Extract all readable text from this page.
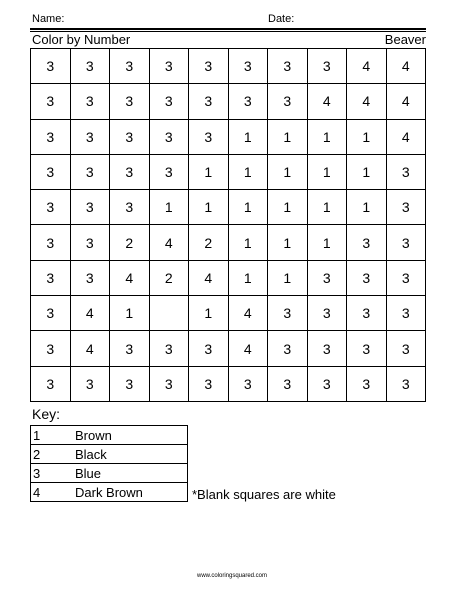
Name:	Date:
Color by Number	Beaver
3	3	3	3	3	3	3	3	4	4
3	3	3	3	3	3	3	4	4	4
3	3	3	3	3	1	1	1	1	4
3	3	3	3	1	1	1	1	1	3
3	3	3	1	1	1	1	1	1	3
3	3	2	4	2	1	1	1	3	3
3	3	4	2	4	1	1	3	3	3
3	4	1		1	4	3	3	3	3
3	4	3	3	3	4	3	3	3	3
3	3	3	3	3	3	3	3	3	3
Key:
1	Brown
2	Black
3	Blue
4	Dark Brown	*Blank squares are white
www.coloringsquared.com
